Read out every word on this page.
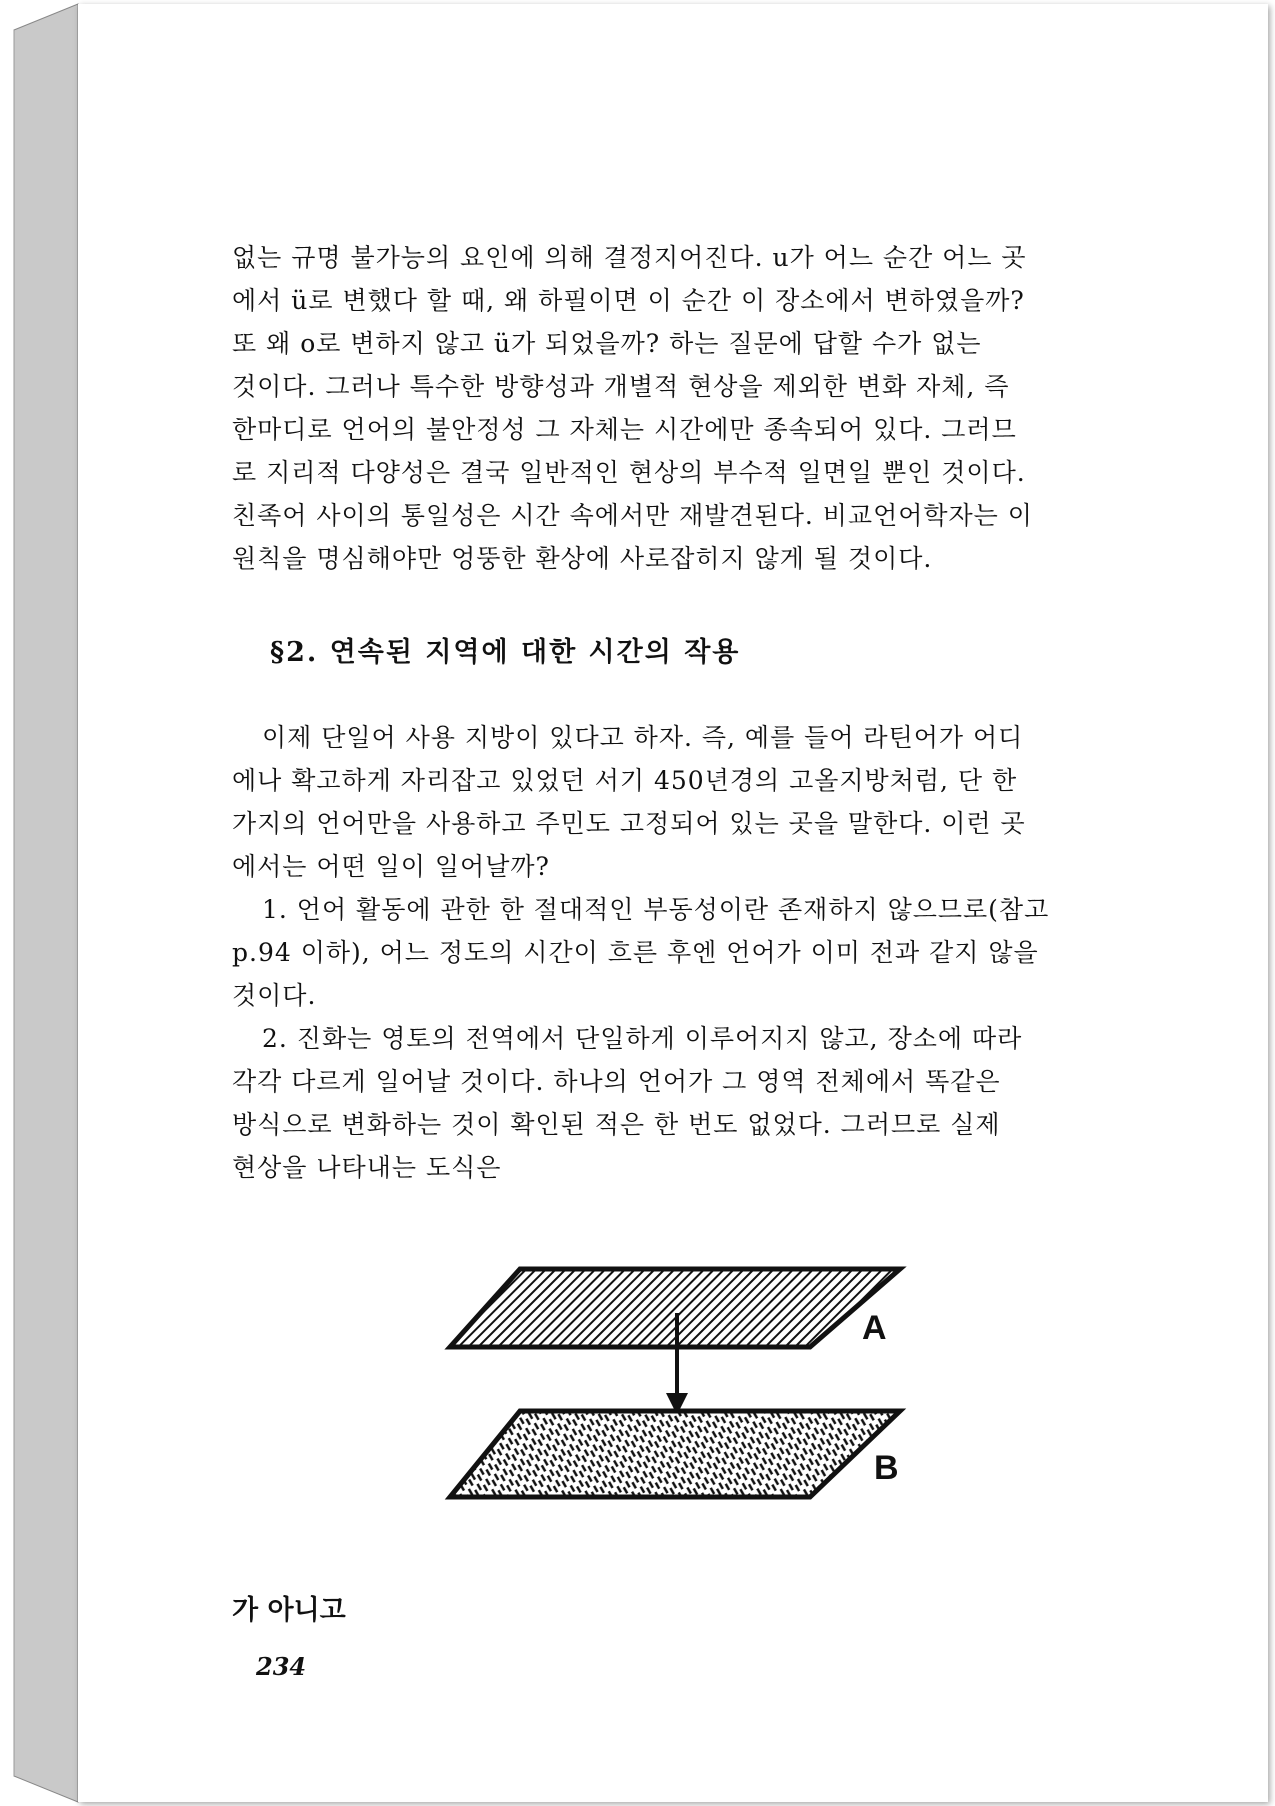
없는 규명 불가능의 요인에 의해 결정지어진다. u가 어느 순간 어느 곳
에서 ü로 변했다 할 때, 왜 하필이면 이 순간 이 장소에서 변하였을까?
또 왜 o로 변하지 않고 ü가 되었을까? 하는 질문에 답할 수가 없는
것이다. 그러나 특수한 방향성과 개별적 현상을 제외한 변화 자체, 즉
한마디로 언어의 불안정성 그 자체는 시간에만 종속되어 있다. 그러므
로 지리적 다양성은 결국 일반적인 현상의 부수적 일면일 뿐인 것이다.
친족어 사이의 통일성은 시간 속에서만 재발견된다. 비교언어학자는 이
원칙을 명심해야만 엉뚱한 환상에 사로잡히지 않게 될 것이다.

§2. 연속된 지역에 대한 시간의 작용

이제 단일어 사용 지방이 있다고 하자. 즉, 예를 들어 라틴어가 어디
에나 확고하게 자리잡고 있었던 서기 450년경의 고올지방처럼, 단 한
가지의 언어만을 사용하고 주민도 고정되어 있는 곳을 말한다. 이런 곳
에서는 어떤 일이 일어날까?

1. 언어 활동에 관한 한 절대적인 부동성이란 존재하지 않으므로(참고
p.94 이하), 어느 정도의 시간이 흐른 후엔 언어가 이미 전과 같지 않을
것이다.

2. 진화는 영토의 전역에서 단일하게 이루어지지 않고, 장소에 따라
각각 다르게 일어날 것이다. 하나의 언어가 그 영역 전체에서 똑같은
방식으로 변화하는 것이 확인된 적은 한 번도 없었다. 그러므로 실제
현상을 나타내는 도식은

A
B

가 아니고

234
